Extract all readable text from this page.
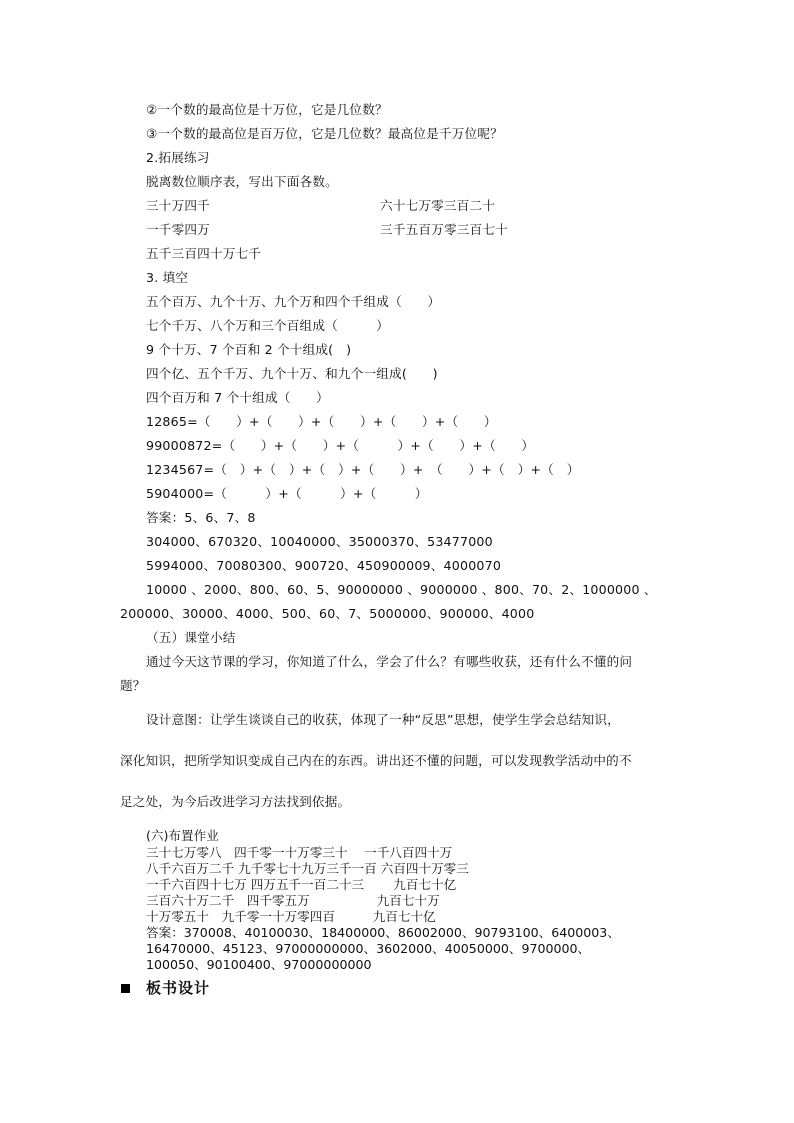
②一个数的最高位是十万位，它是几位数？
③一个数的最高位是百万位，它是几位数？最高位是千万位呢？
2.拓展练习
脱离数位顺序表，写出下面各数。
三十万四千	六十七万零三百二十
一千零四万	三千五百万零三百七十
五千三百四十万七千
3. 填空
五个百万、九个十万、九个万和四个千组成（　　）
七个千万、八个万和三个百组成（　　　）
9 个十万、7 个百和 2 个十组成(　)
四个亿、五个千万、九个十万、和九个一组成(　　)
四个百万和 7 个十组成（　　）
12865=（　　）+（　　）+（　　）+（　　）+（　　）
99000872=（　　）+（　　）+（　　　）+（　　）+（　　）
1234567=（　）+（　）+（　）+（　　）+　（　　）+（　）+（　）
5904000=（　　　）+（　　　）+（　　　）
答案：5、6、7、8
304000、670320、10040000、35000370、53477000
5994000、70080300、900720、450900009、4000070
10000 、2000、800、60、5、90000000 、9000000 、800、70、2、1000000 、
200000、30000、4000、500、60、7、5000000、900000、4000
（五）课堂小结
通过今天这节课的学习，你知道了什么，学会了什么？有哪些收获，还有什么不懂的问
题？
设计意图：让学生谈谈自己的收获，体现了一种“反思”思想，使学生学会总结知识，
深化知识，把所学知识变成自己内在的东西。讲出还不懂的问题，可以发现教学活动中的不
足之处，为今后改进学习方法找到依据。
(六)布置作业
三十七万零八　四千零一十万零三十　 一千八百四十万
八千六百万二千 九千零七十九万三千一百 六百四十万零三
一千六百四十七万 四万五千一百二十三　　 九百七十亿
三百六十万二千　四千零五万　　　　　 九百七十万
十万零五十　九千零一十万零四百　　　九百七十亿
答案：370008、40100030、18400000、86002000、90793100、6400003、
16470000、45123、97000000000、3602000、40050000、9700000、
100050、90100400、97000000000
板书设计
